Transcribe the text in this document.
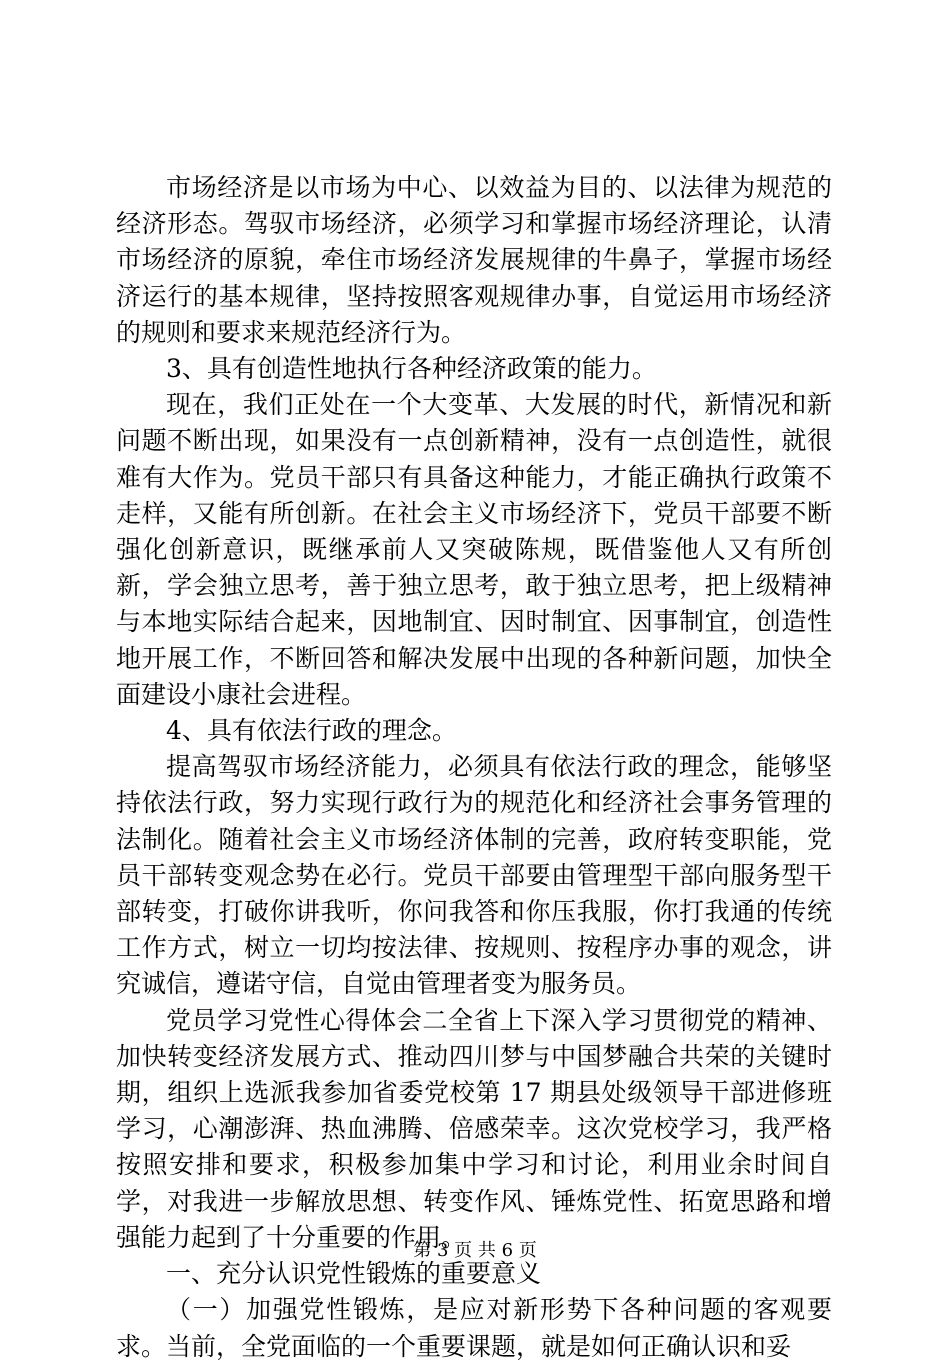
市场经济是以市场为中心、以效益为目的、以法律为规范的经济形态。驾驭市场经济，必须学习和掌握市场经济理论，认清市场经济的原貌，牵住市场经济发展规律的牛鼻子，掌握市场经济运行的基本规律，坚持按照客观规律办事，自觉运用市场经济的规则和要求来规范经济行为。

3、具有创造性地执行各种经济政策的能力。

现在，我们正处在一个大变革、大发展的时代，新情况和新问题不断出现，如果没有一点创新精神，没有一点创造性，就很难有大作为。党员干部只有具备这种能力，才能正确执行政策不走样，又能有所创新。在社会主义市场经济下，党员干部要不断强化创新意识，既继承前人又突破陈规，既借鉴他人又有所创新，学会独立思考，善于独立思考，敢于独立思考，把上级精神与本地实际结合起来，因地制宜、因时制宜、因事制宜，创造性地开展工作，不断回答和解决发展中出现的各种新问题，加快全面建设小康社会进程。

4、具有依法行政的理念。

提高驾驭市场经济能力，必须具有依法行政的理念，能够坚持依法行政，努力实现行政行为的规范化和经济社会事务管理的法制化。随着社会主义市场经济体制的完善，政府转变职能，党员干部转变观念势在必行。党员干部要由管理型干部向服务型干部转变，打破你讲我听，你问我答和你压我服，你打我通的传统工作方式，树立一切均按法律、按规则、按程序办事的观念，讲究诚信，遵诺守信，自觉由管理者变为服务员。

党员学习党性心得体会二全省上下深入学习贯彻党的精神、加快转变经济发展方式、推动四川梦与中国梦融合共荣的关键时期，组织上选派我参加省委党校第 17 期县处级领导干部进修班学习，心潮澎湃、热血沸腾、倍感荣幸。这次党校学习，我严格按照安排和要求，积极参加集中学习和讨论，利用业余时间自学，对我进一步解放思想、转变作风、锤炼党性、拓宽思路和增强能力起到了十分重要的作用。

一、充分认识党性锻炼的重要意义

（一）加强党性锻炼，是应对新形势下各种问题的客观要求。当前，全党面临的一个重要课题，就是如何正确认识和妥

第 3 页 共 6 页
